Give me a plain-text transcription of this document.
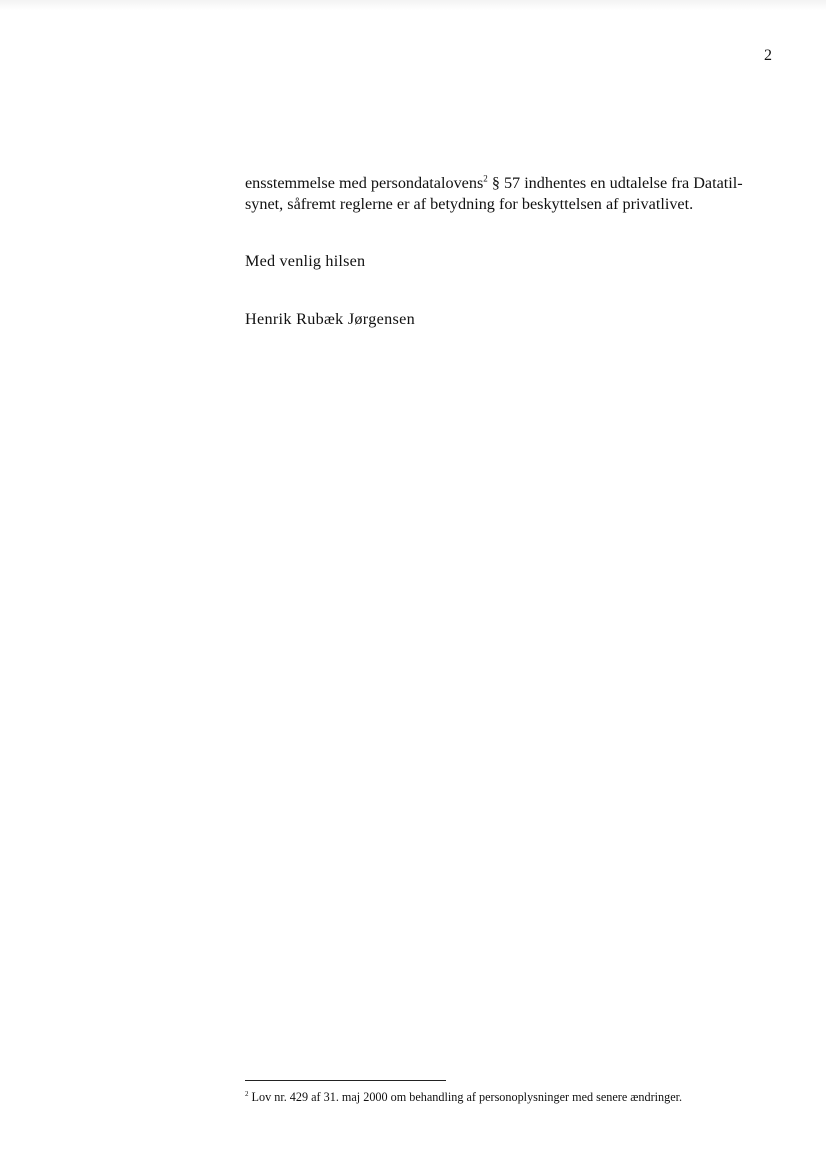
2
ensstemmelse med persondatalovens$^2$ § 57 indhentes en udtalelse fra Datatil-
synet, såfremt reglerne er af betydning for beskyttelsen af privatlivet.
Med venlig hilsen
Henrik Rubæk Jørgensen
$^2$ Lov nr. 429 af 31. maj 2000 om behandling af personoplysninger med senere ændringer.
